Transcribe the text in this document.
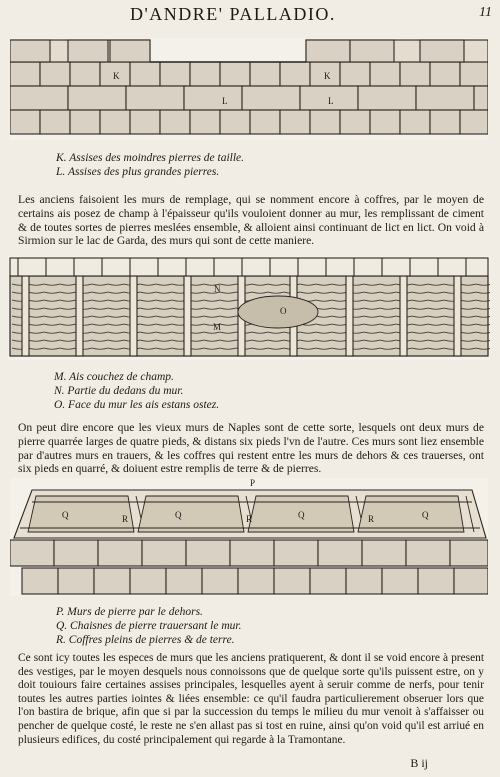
D'ANDRE' PALLADIO.	11
K	K
L	L
K. Assises des moindres pierres de taille.
L. Assises des plus grandes pierres.
Les anciens faisoient les murs de remplage, qui se nomment encore à coffres, par le moyen de certains ais posez de champ à l'épaisseur qu'ils vouloient donner au mur, les remplissant de ciment & de toutes sortes de pierres meslées ensemble, & alloient ainsi continuant de lict en lict. On void à Sirmion sur le lac de Garda, des murs qui sont de cette maniere.
N
M
O
M. Ais couchez de champ.
N. Partie du dedans du mur.
O. Face du mur les ais estans ostez.
On peut dire encore que les vieux murs de Naples sont de cette sorte, lesquels ont deux murs de pierre quarrée larges de quatre pieds, & distans six pieds l'vn de l'autre. Ces murs sont liez ensemble par d'autres murs en trauers, & les coffres qui restent entre les murs de dehors & ces trauerses, ont six pieds en quarré, & doiuent estre remplis de terre & de pierres.
P
Q	Q	Q	Q
R	R	R
P. Murs de pierre par le dehors.
Q. Chaisnes de pierre trauersant le mur.
R. Coffres pleins de pierres & de terre.
Ce sont icy toutes les especes de murs que les anciens pratiquerent, & dont il se void encore à present des vestiges, par le moyen desquels nous connoissons que de quelque sorte qu'ils puissent estre, on y doit touiours faire certaines assises principales, lesquelles ayent à seruir comme de nerfs, pour tenir toutes les autres parties iointes & liées ensemble: ce qu'il faudra particulierement obseruer lors que l'on bastira de brique, afin que si par la succession du temps le milieu du mur venoit à s'affaisser ou pencher de quelque costé, le reste ne s'en allast pas si tost en ruine, ainsi qu'on void qu'il est arriué en plusieurs edifices, du costé principalement qui regarde à la Tramontane.
B ij
